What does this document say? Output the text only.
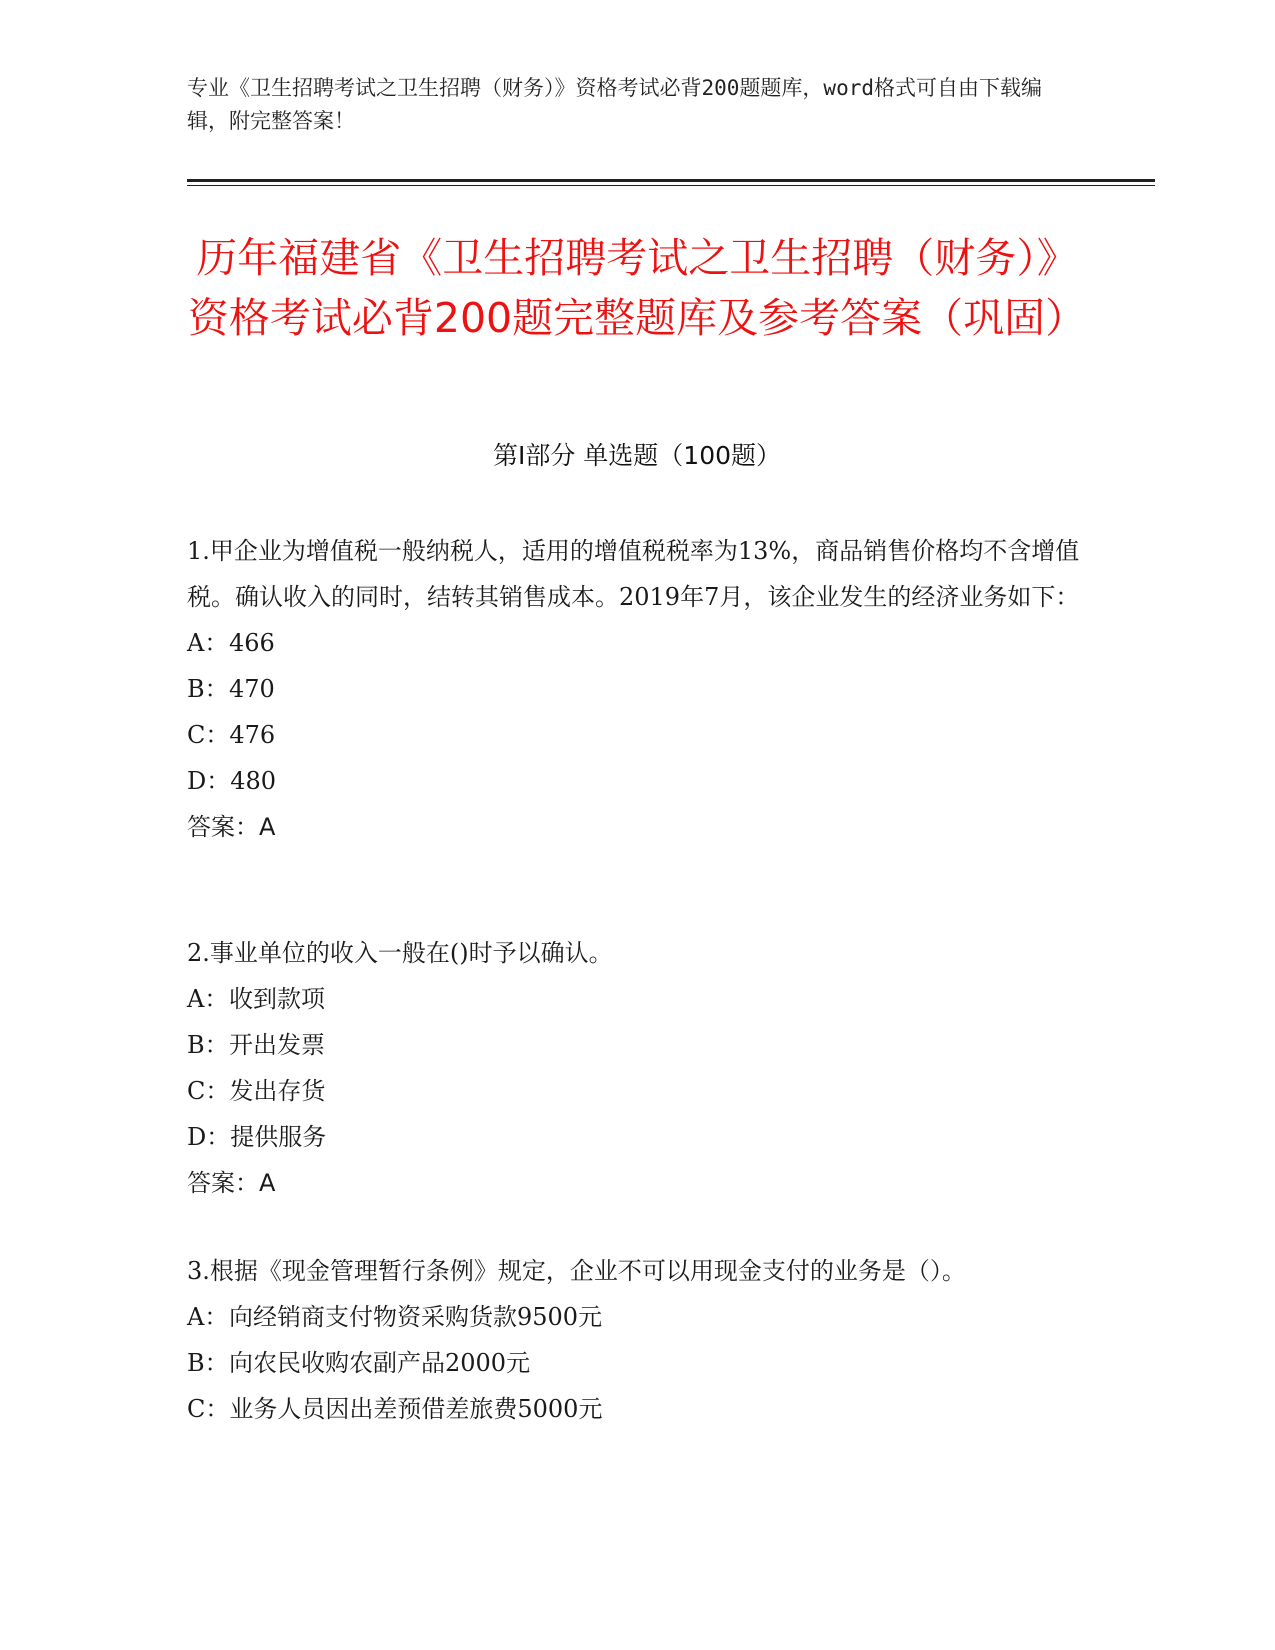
专业《卫生招聘考试之卫生招聘（财务）》资格考试必背200题题库，word格式可自由下载编辑，附完整答案！
历年福建省《卫生招聘考试之卫生招聘（财务）》资格考试必背200题完整题库及参考答案（巩固）
第Ⅰ部分 单选题（100题）

1.甲企业为增值税一般纳税人，适用的增值税税率为13%，商品销售价格均不含增值税。确认收入的同时，结转其销售成本。2019年7月，该企业发生的经济业务如下：

A：466

B：470

C：476

D：480

答案：A

2.事业单位的收入一般在()时予以确认。

A：收到款项

B：开出发票

C：发出存货

D：提供服务

答案：A

3.根据《现金管理暂行条例》规定，企业不可以用现金支付的业务是（）。

A：向经销商支付物资采购货款9500元

B：向农民收购农副产品2000元

C：业务人员因出差预借差旅费5000元
